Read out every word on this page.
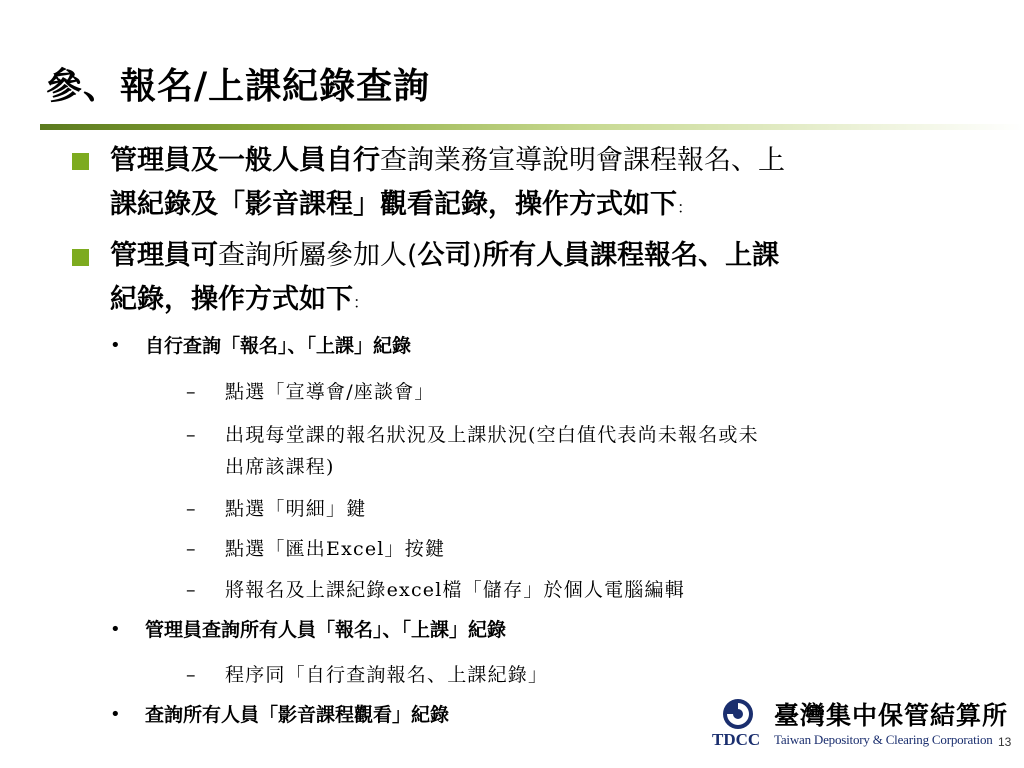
參、報名/上課紀錄查詢
管理員及一般人員自行查詢業務宣導說明會課程報名、上
課紀錄及「影音課程」觀看記錄，操作方式如下：
管理員可查詢所屬參加人(公司)所有人員課程報名、上課
紀錄，操作方式如下：
• 自行查詢「報名」、「上課」紀錄
– 點選「宣導會/座談會」
– 出現每堂課的報名狀況及上課狀況(空白值代表尚未報名或未
出席該課程)
– 點選「明細」鍵
– 點選「匯出Excel」按鍵
– 將報名及上課紀錄excel檔「儲存」於個人電腦編輯
• 管理員查詢所有人員「報名」、「上課」紀錄
– 程序同「自行查詢報名、上課紀錄」
• 查詢所有人員「影音課程觀看」紀錄	臺灣集中保管結算所
TDCC Taiwan Depository & Clearing Corporation 13
